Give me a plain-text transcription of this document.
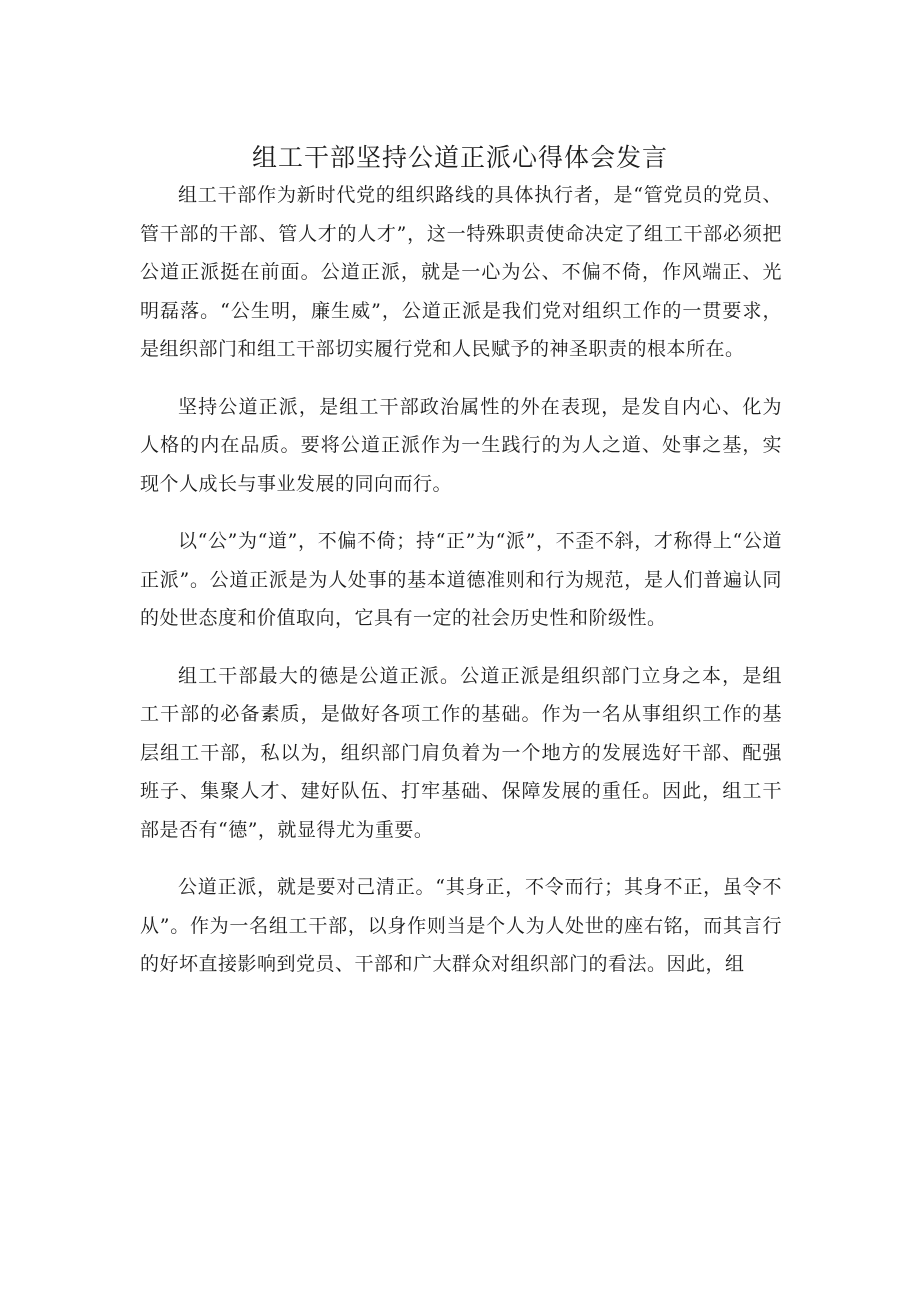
组工干部坚持公道正派心得体会发言

组工干部作为新时代党的组织路线的具体执行者，是“管党员的党员、管干部的干部、管人才的人才”，这一特殊职责使命决定了组工干部必须把公道正派挺在前面。公道正派，就是一心为公、不偏不倚，作风端正、光明磊落。“公生明，廉生威”，公道正派是我们党对组织工作的一贯要求，是组织部门和组工干部切实履行党和人民赋予的神圣职责的根本所在。

坚持公道正派，是组工干部政治属性的外在表现，是发自内心、化为人格的内在品质。要将公道正派作为一生践行的为人之道、处事之基，实现个人成长与事业发展的同向而行。

以“公”为“道”，不偏不倚；持“正”为“派”，不歪不斜，才称得上“公道正派”。公道正派是为人处事的基本道德准则和行为规范，是人们普遍认同的处世态度和价值取向，它具有一定的社会历史性和阶级性。

组工干部最大的德是公道正派。公道正派是组织部门立身之本，是组工干部的必备素质，是做好各项工作的基础。作为一名从事组织工作的基层组工干部，私以为，组织部门肩负着为一个地方的发展选好干部、配强班子、集聚人才、建好队伍、打牢基础、保障发展的重任。因此，组工干部是否有“德”，就显得尤为重要。

公道正派，就是要对己清正。“其身正，不令而行；其身不正，虽令不从”。作为一名组工干部，以身作则当是个人为人处世的座右铭，而其言行的好坏直接影响到党员、干部和广大群众对组织部门的看法。因此，组
